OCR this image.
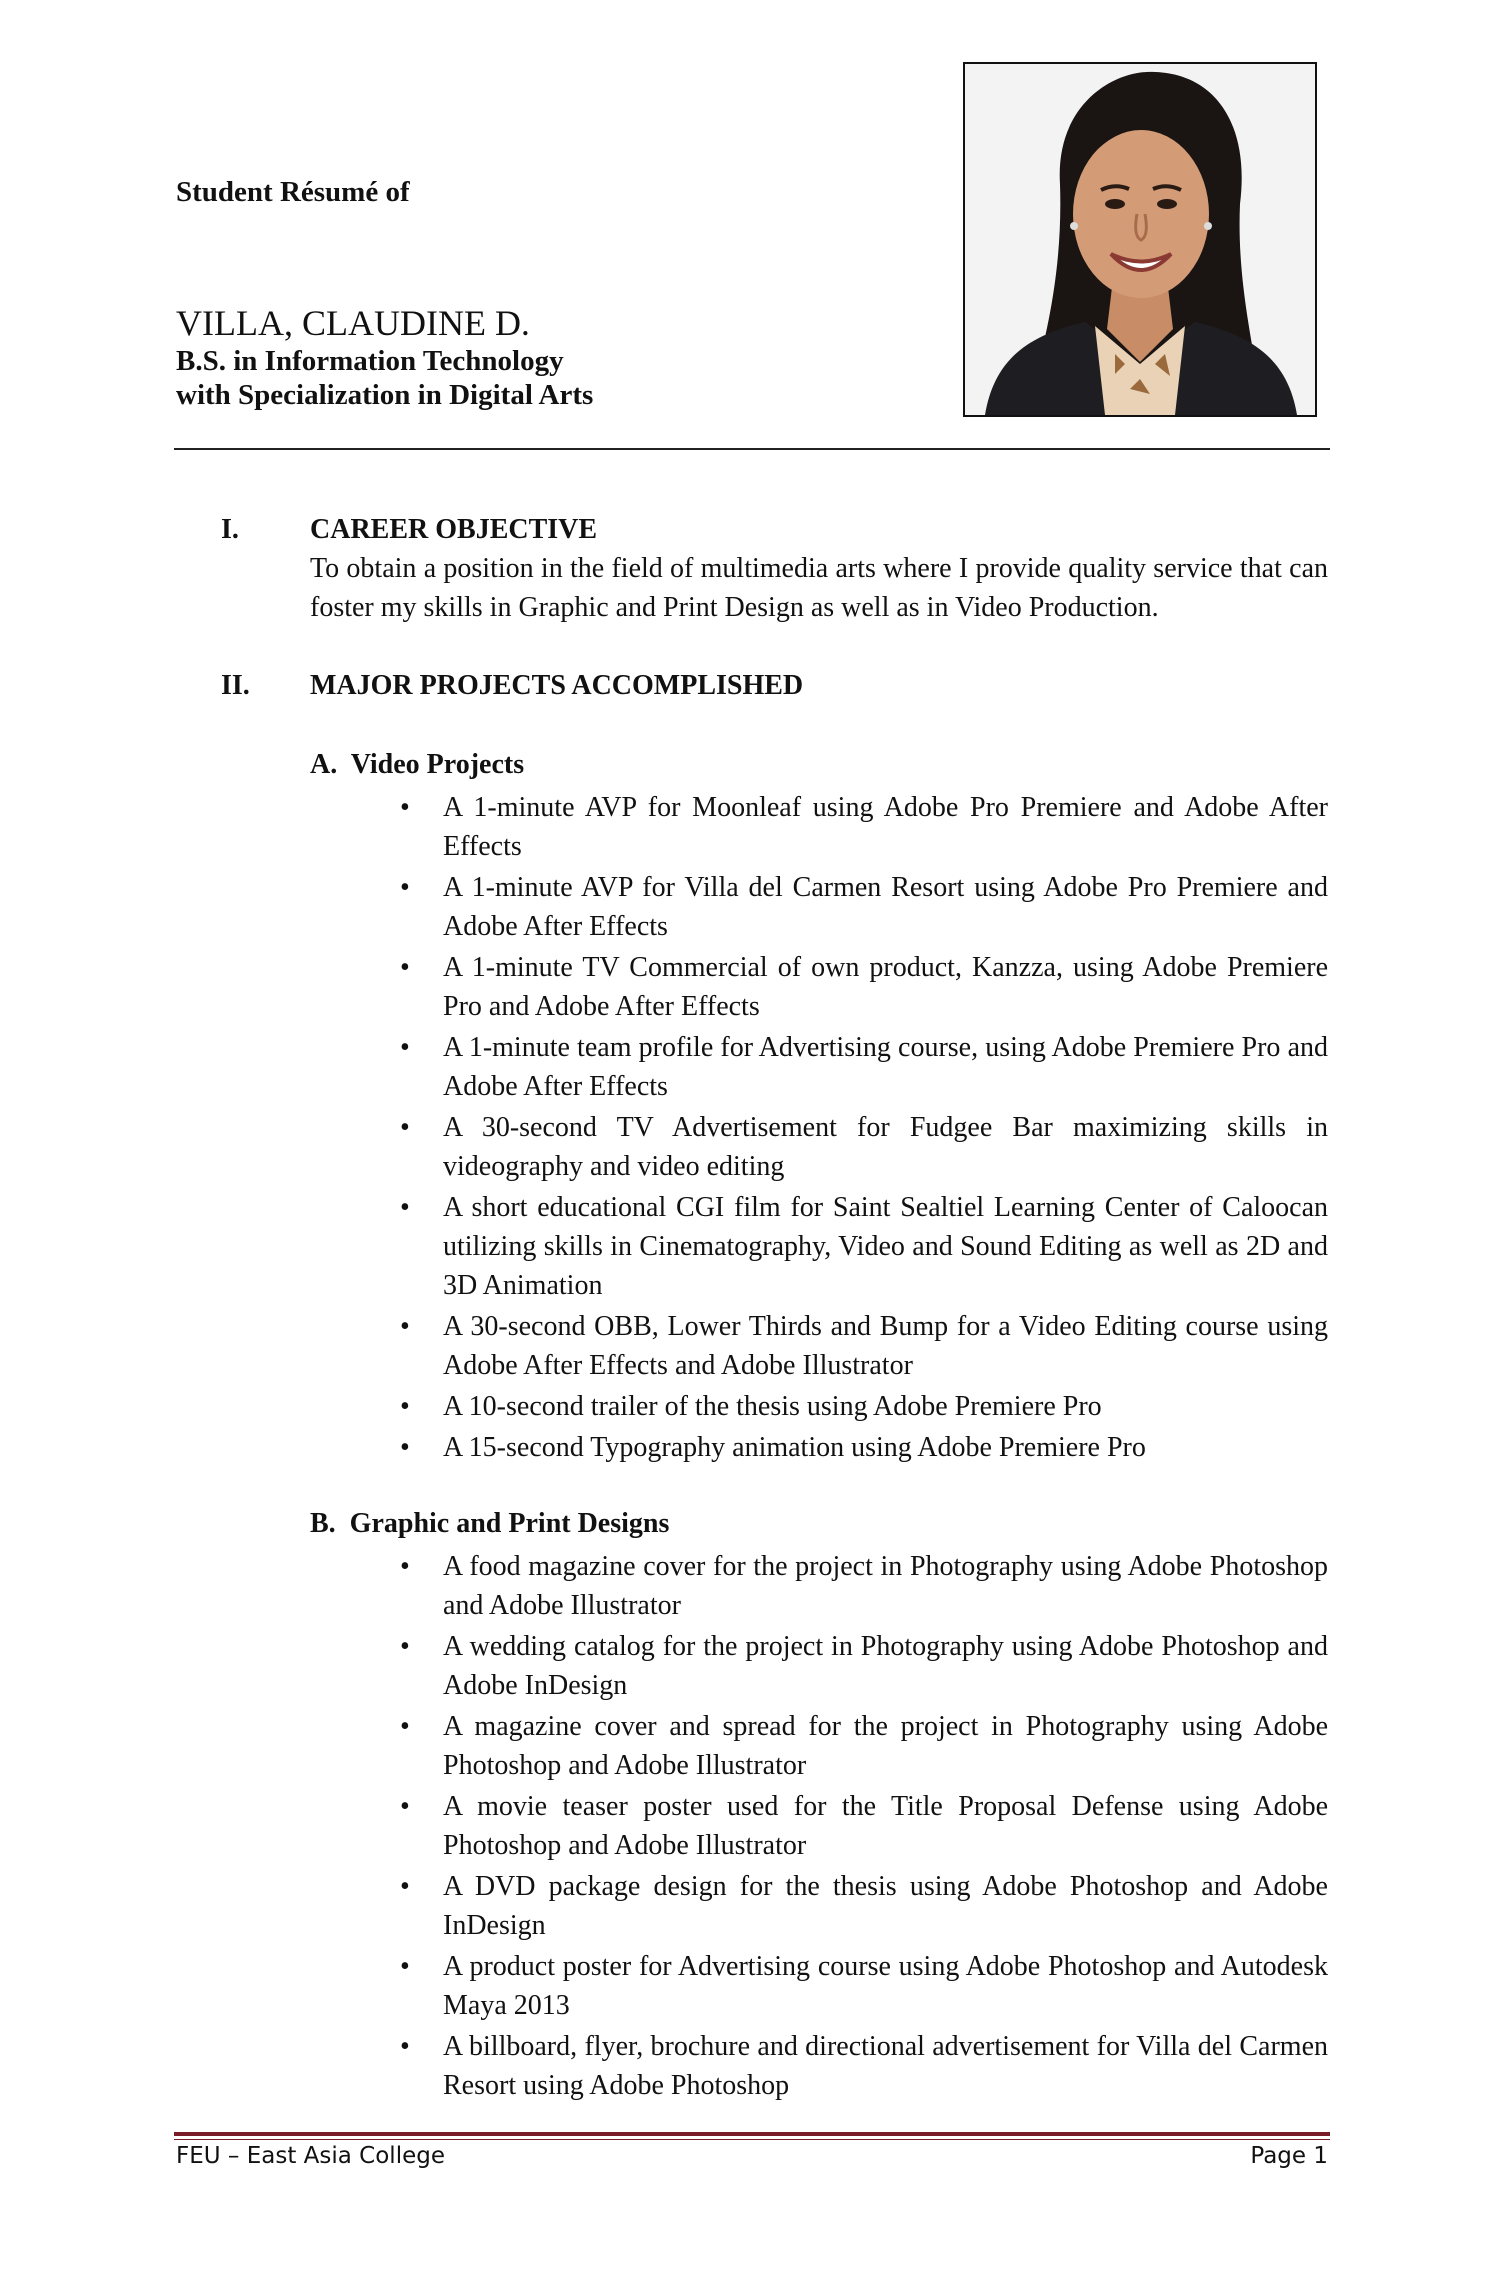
Student Résumé of
VILLA, CLAUDINE D.
B.S. in Information Technology
with Specialization in Digital Arts
I.	CAREER OBJECTIVE
To obtain a position in the field of multimedia arts where I provide quality service that can foster my skills in Graphic and Print Design as well as in Video Production.
II. MAJOR PROJECTS ACCOMPLISHED
A.  Video Projects
• A 1-minute AVP for Moonleaf using Adobe Pro Premiere and Adobe After Effects
• A 1-minute AVP for Villa del Carmen Resort using Adobe Pro Premiere and Adobe After Effects
• A 1-minute TV Commercial of own product, Kanzza, using Adobe Premiere Pro and Adobe After Effects
• A 1-minute team profile for Advertising course, using Adobe Premiere Pro and Adobe After Effects
• A 30-second TV Advertisement for Fudgee Bar maximizing skills in videography and video editing
• A short educational CGI film for Saint Sealtiel Learning Center of Caloocan utilizing skills in Cinematography, Video and Sound Editing as well as 2D and 3D Animation
• A 30-second OBB, Lower Thirds and Bump for a Video Editing course using Adobe After Effects and Adobe Illustrator
• A 10-second trailer of the thesis using Adobe Premiere Pro
• A 15-second Typography animation using Adobe Premiere Pro
B.  Graphic and Print Designs
• A food magazine cover for the project in Photography using Adobe Photoshop and Adobe Illustrator
• A wedding catalog for the project in Photography using Adobe Photoshop and Adobe InDesign
• A magazine cover and spread for the project in Photography using Adobe Photoshop and Adobe Illustrator
• A movie teaser poster used for the Title Proposal Defense using Adobe Photoshop and Adobe Illustrator
• A DVD package design for the thesis using Adobe Photoshop and Adobe InDesign
• A product poster for Advertising course using Adobe Photoshop and Autodesk Maya 2013
• A billboard, flyer, brochure and directional advertisement for Villa del Carmen Resort using Adobe Photoshop
FEU – East Asia College	Page 1
